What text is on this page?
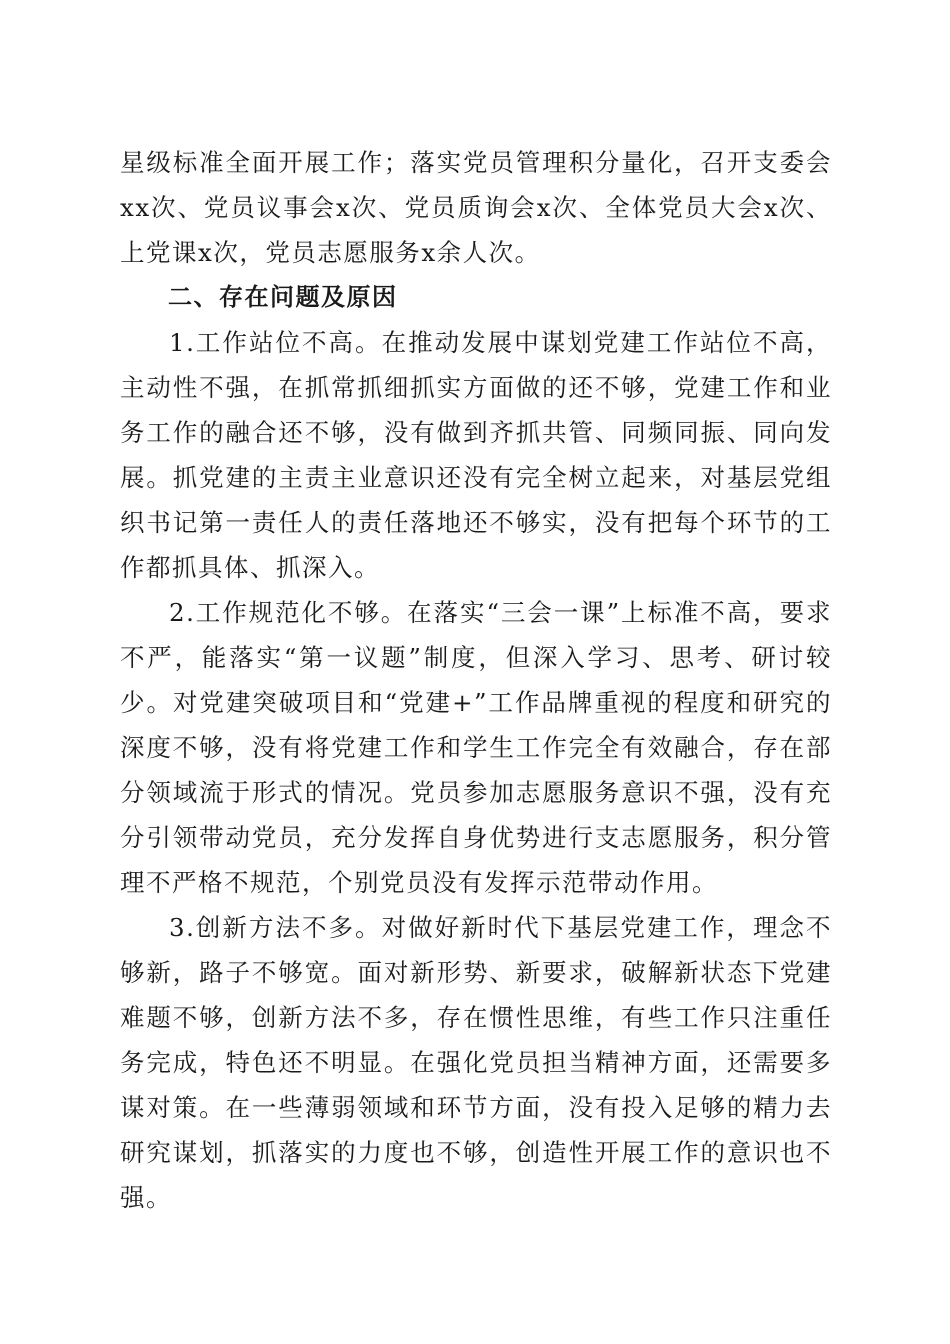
星级标准全面开展工作；落实党员管理积分量化，召开支委会xx次、党员议事会x次、党员质询会x次、全体党员大会x次、上党课x次，党员志愿服务x余人次。

二、存在问题及原因

1.工作站位不高。在推动发展中谋划党建工作站位不高，主动性不强，在抓常抓细抓实方面做的还不够，党建工作和业务工作的融合还不够，没有做到齐抓共管、同频同振、同向发展。抓党建的主责主业意识还没有完全树立起来，对基层党组织书记第一责任人的责任落地还不够实，没有把每个环节的工作都抓具体、抓深入。

2.工作规范化不够。在落实“三会一课”上标准不高，要求不严，能落实“第一议题”制度，但深入学习、思考、研讨较少。对党建突破项目和“党建+”工作品牌重视的程度和研究的深度不够，没有将党建工作和学生工作完全有效融合，存在部分领域流于形式的情况。党员参加志愿服务意识不强，没有充分引领带动党员，充分发挥自身优势进行支志愿服务，积分管理不严格不规范，个别党员没有发挥示范带动作用。

3.创新方法不多。对做好新时代下基层党建工作，理念不够新，路子不够宽。面对新形势、新要求，破解新状态下党建难题不够，创新方法不多，存在惯性思维，有些工作只注重任务完成，特色还不明显。在强化党员担当精神方面，还需要多谋对策。在一些薄弱领域和环节方面，没有投入足够的精力去研究谋划，抓落实的力度也不够，创造性开展工作的意识也不强。
